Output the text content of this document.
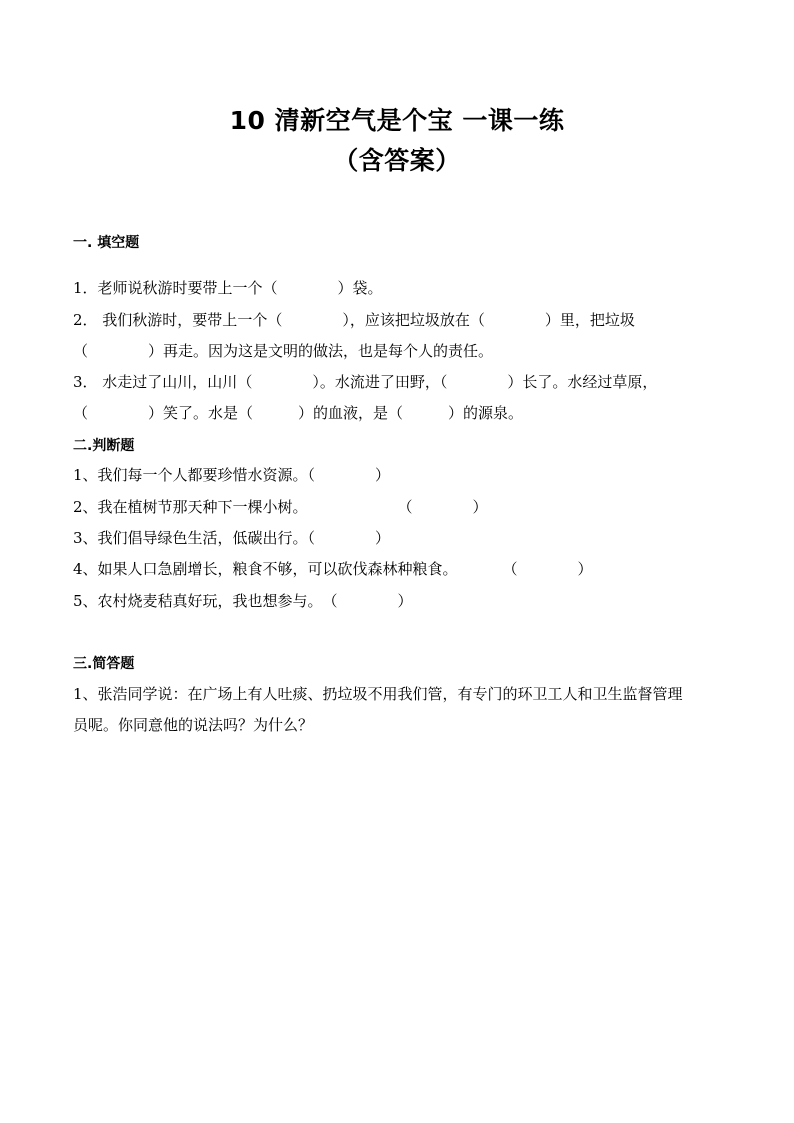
10 清新空气是个宝 一课一练
（含答案）
一. 填空题
1．老师说秋游时要带上一个（　　　　）袋。
2． 我们秋游时，要带上一个（　　　　），应该把垃圾放在（　　　　）里，把垃圾
（　　　　）再走。因为这是文明的做法，也是每个人的责任。
3． 水走过了山川，山川（　　　　）。水流进了田野，（　　　　）长了。水经过草原，
（　　　　）笑了。水是（　　　）的血液，是（　　　）的源泉。
二.判断题
1、我们每一个人都要珍惜水资源。（　　　　）
2、我在植树节那天种下一棵小树。　　　　　　　（　　　　）
3、我们倡导绿色生活，低碳出行。（　　　　）
4、如果人口急剧增长，粮食不够，可以砍伐森林种粮食。　　　　（　　　　）
5、农村烧麦秸真好玩，我也想参与。　（　　　　）
三.简答题
1、张浩同学说：在广场上有人吐痰、扔垃圾不用我们管，有专门的环卫工人和卫生监督管理
员呢。你同意他的说法吗？为什么？
